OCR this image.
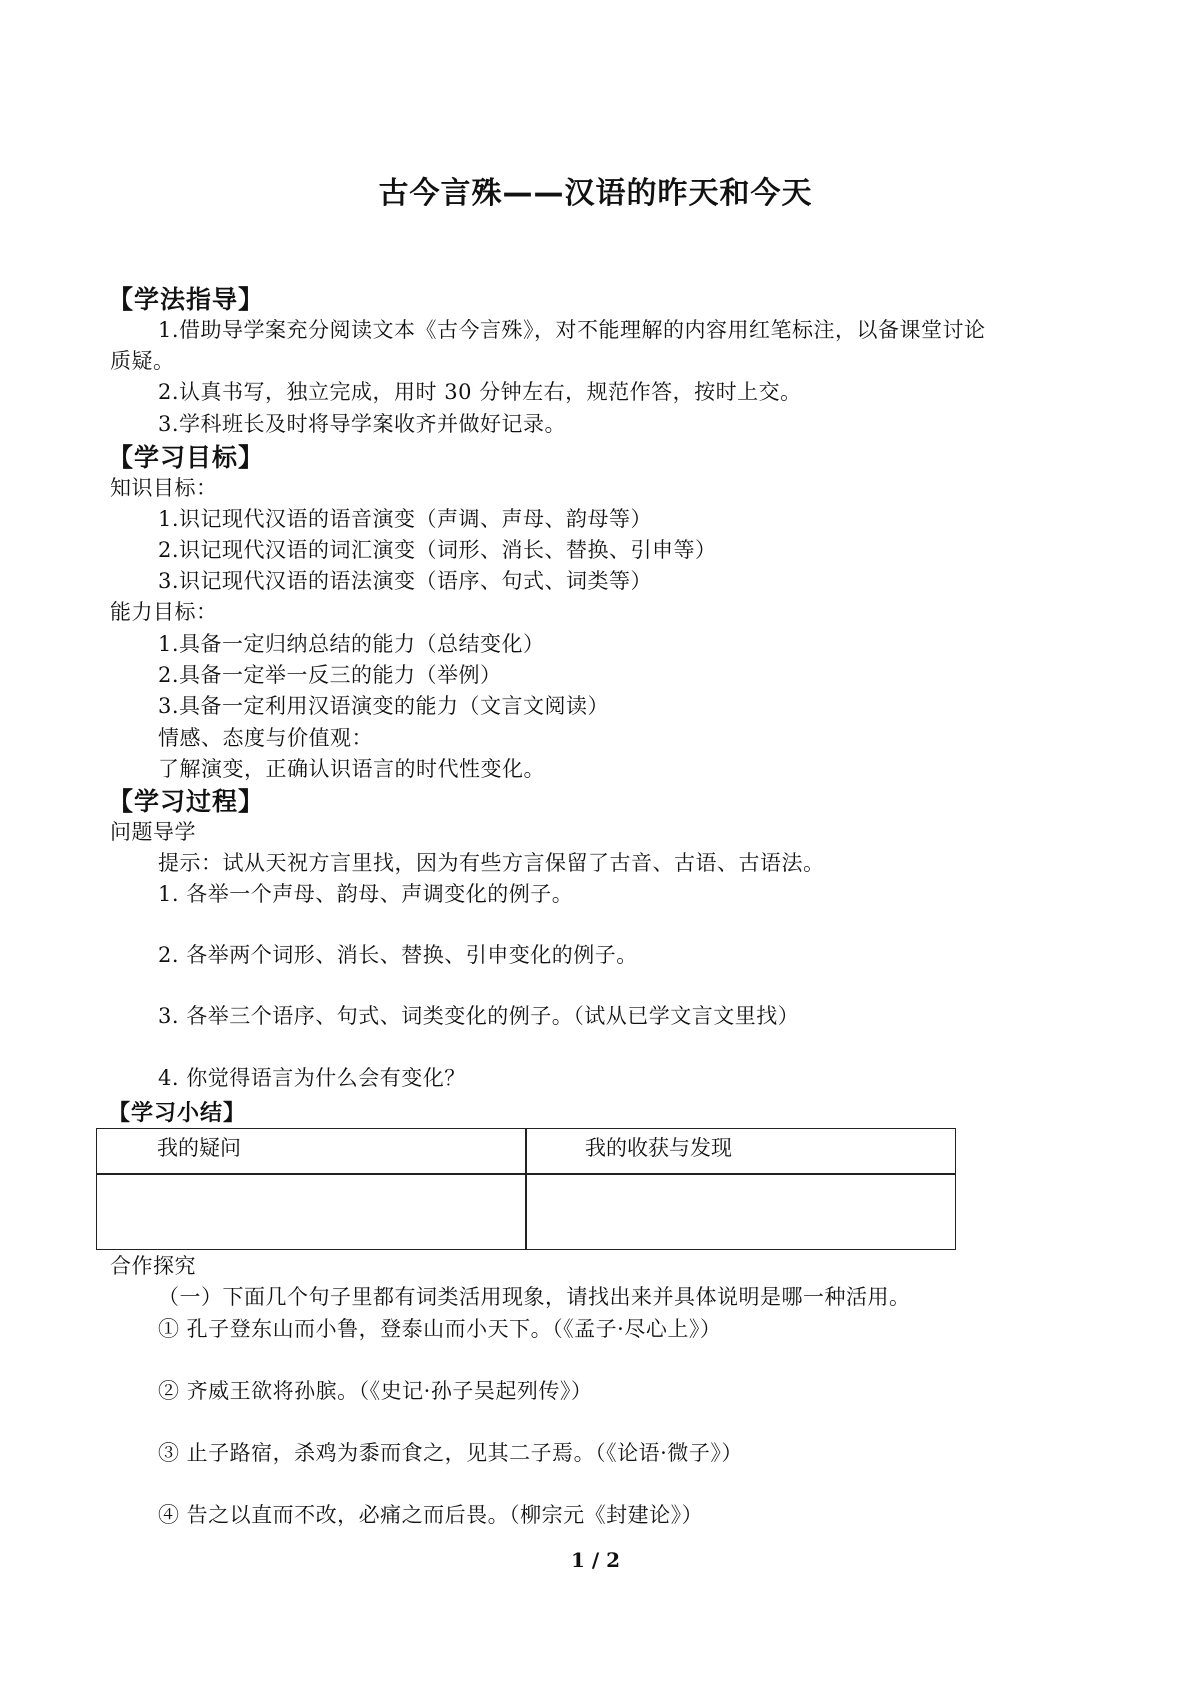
古今言殊——汉语的昨天和今天
【学法指导】
1.借助导学案充分阅读文本《古今言殊》，对不能理解的内容用红笔标注，以备课堂讨论
质疑。
2.认真书写，独立完成，用时 30 分钟左右，规范作答，按时上交。
3.学科班长及时将导学案收齐并做好记录。
【学习目标】
知识目标：
1.识记现代汉语的语音演变（声调、声母、韵母等）
2.识记现代汉语的词汇演变（词形、消长、替换、引申等）
3.识记现代汉语的语法演变（语序、句式、词类等）
能力目标：
1.具备一定归纳总结的能力（总结变化）
2.具备一定举一反三的能力（举例）
3.具备一定利用汉语演变的能力（文言文阅读）
情感、态度与价值观：
了解演变，正确认识语言的时代性变化。
【学习过程】
问题导学
提示：试从天祝方言里找，因为有些方言保留了古音、古语、古语法。
1. 各举一个声母、韵母、声调变化的例子。
2. 各举两个词形、消长、替换、引申变化的例子。
3. 各举三个语序、句式、词类变化的例子。（试从已学文言文里找）
4. 你觉得语言为什么会有变化？
【学习小结】
我的疑问	我的收获与发现
合作探究
（一）下面几个句子里都有词类活用现象，请找出来并具体说明是哪一种活用。
① 孔子登东山而小鲁，登泰山而小天下。（《孟子·尽心上》）
② 齐威王欲将孙膑。（《史记·孙子吴起列传》）
③ 止子路宿，杀鸡为黍而食之，见其二子焉。（《论语·微子》）
④ 告之以直而不改，必痛之而后畏。（柳宗元《封建论》）
1 / 2
